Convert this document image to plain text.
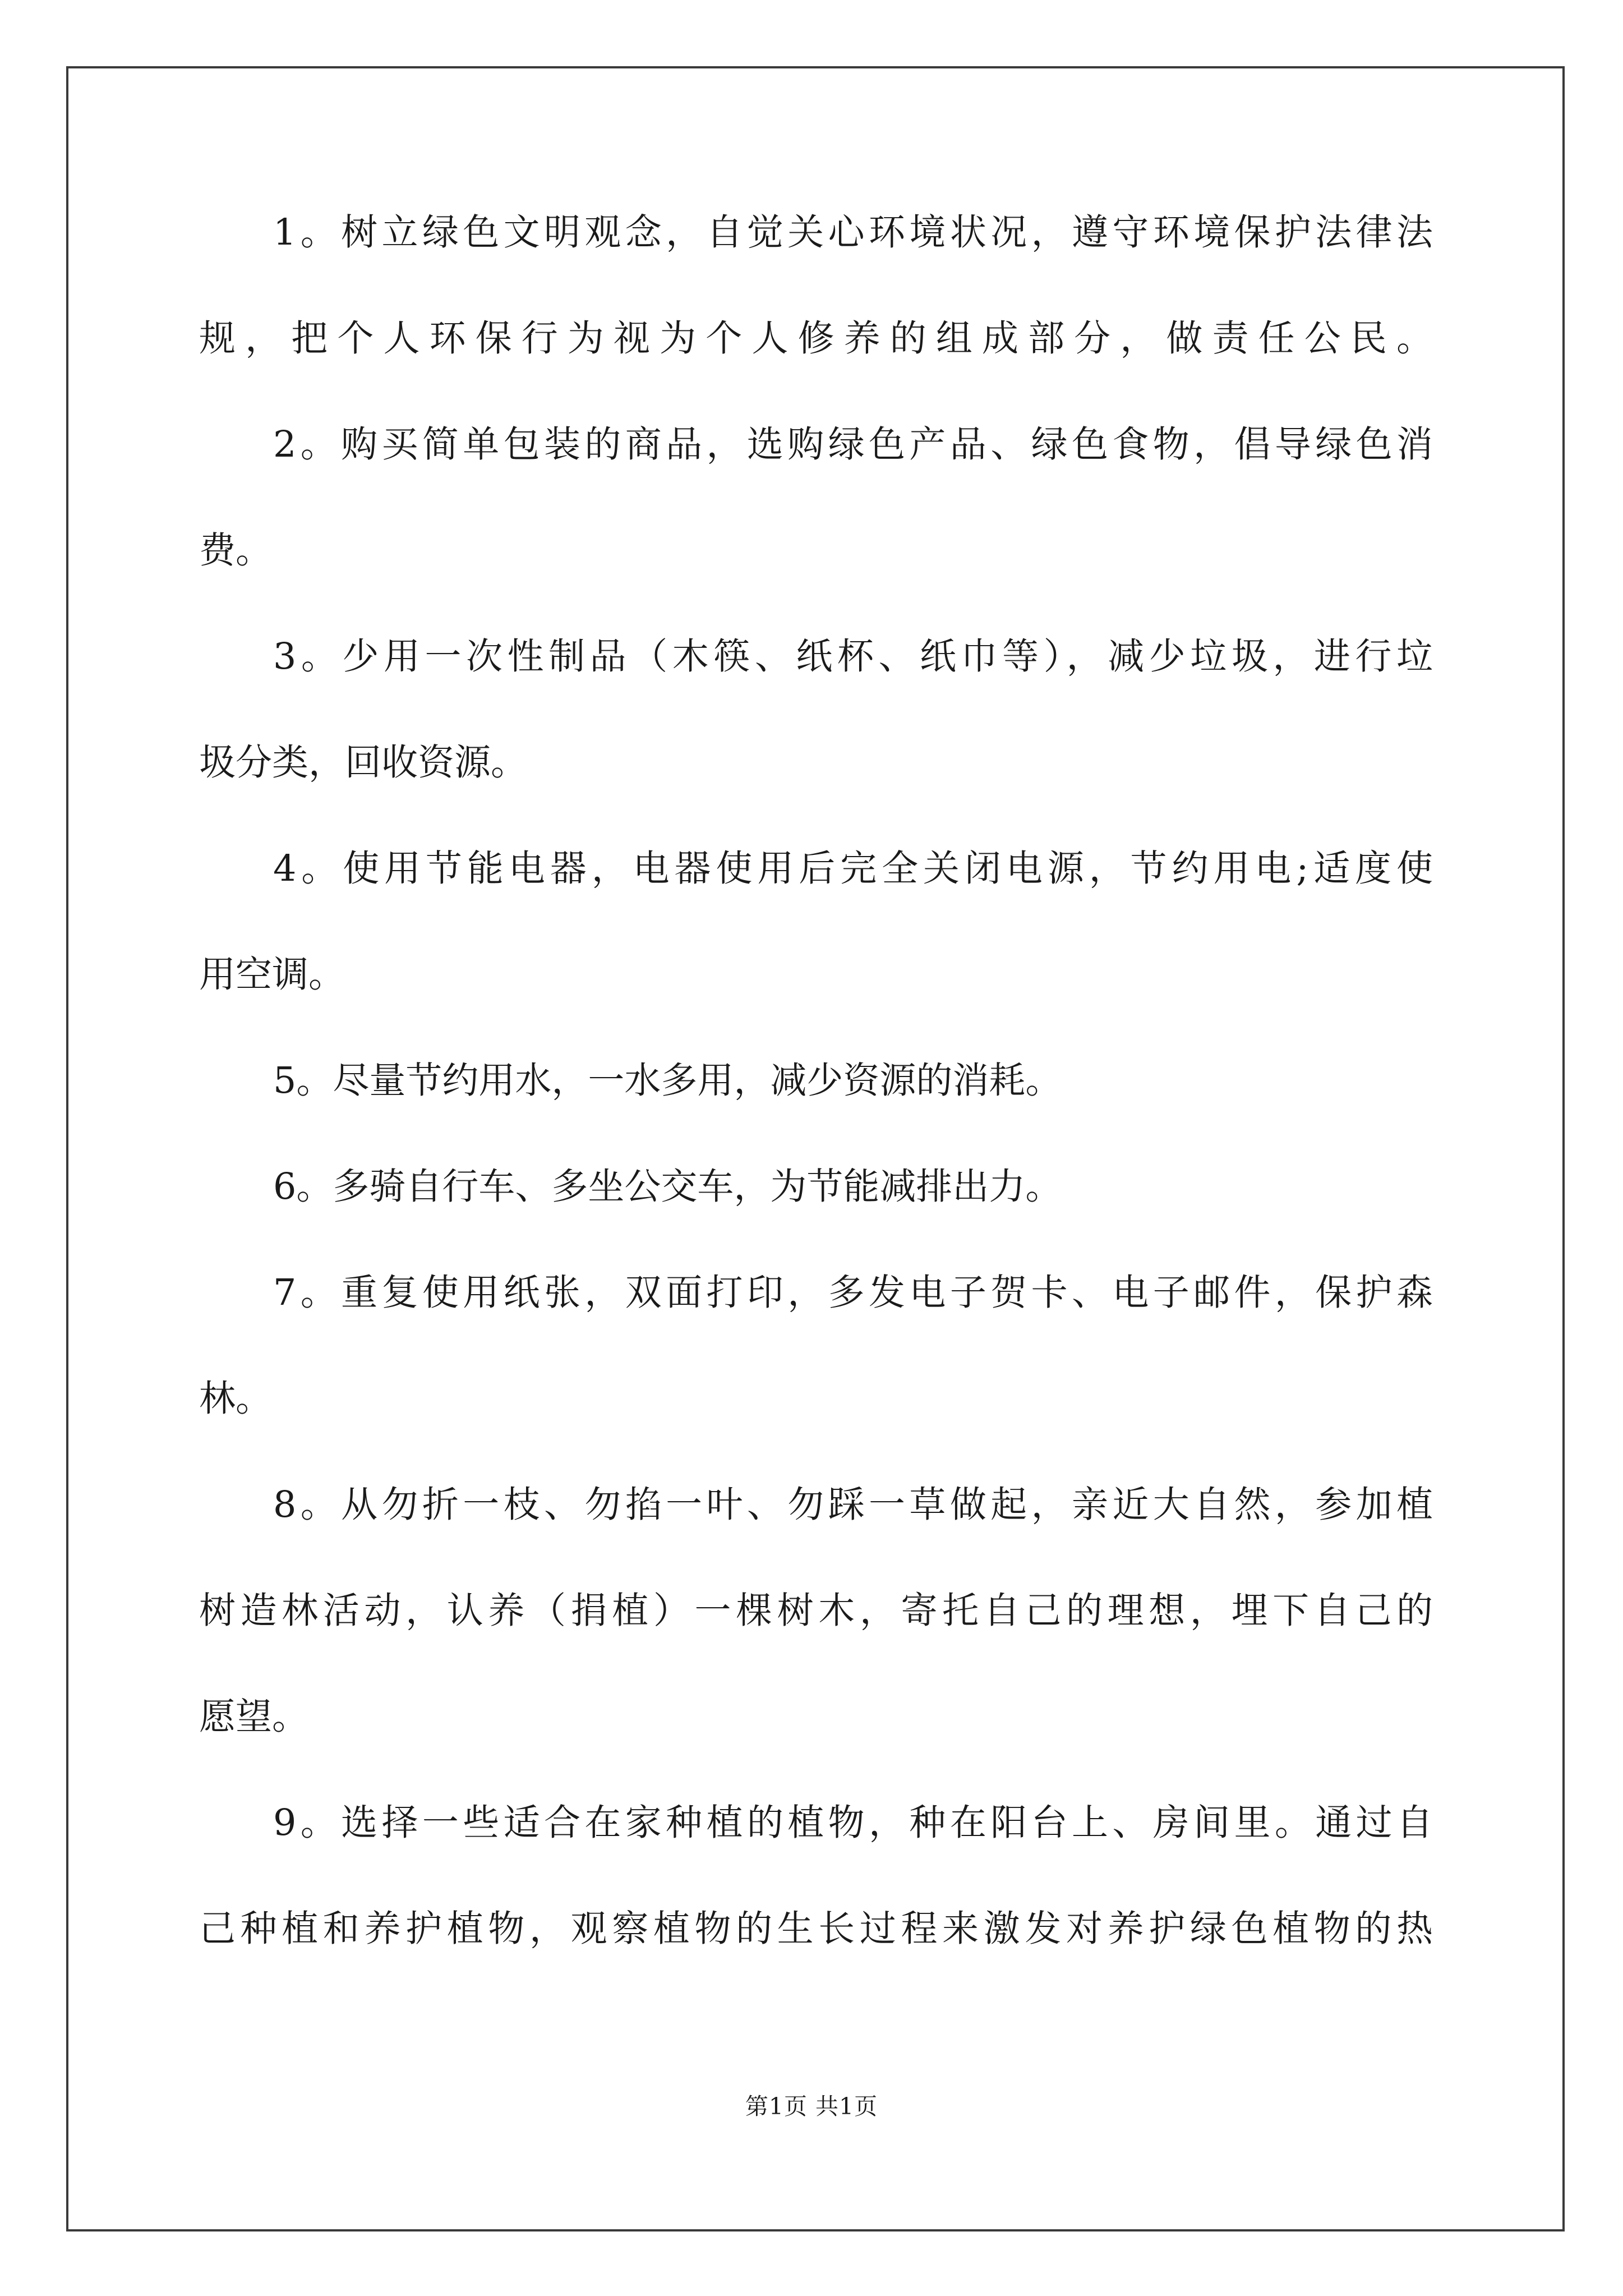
1。树立绿色文明观念，自觉关心环境状况，遵守环境保护法律法
规，把个人环保行为视为个人修养的组成部分，做责任公民。
2。购买简单包装的商品，选购绿色产品、绿色食物，倡导绿色消
费。
3。少用一次性制品（木筷、纸杯、纸巾等），减少垃圾，进行垃
圾分类，回收资源。
4。使用节能电器，电器使用后完全关闭电源，节约用电;适度使
用空调。
5。尽量节约用水，一水多用，减少资源的消耗。
6。多骑自行车、多坐公交车，为节能减排出力。
7。重复使用纸张，双面打印，多发电子贺卡、电子邮件，保护森
林。
8。从勿折一枝、勿掐一叶、勿踩一草做起，亲近大自然，参加植
树造林活动，认养（捐植）一棵树木，寄托自己的理想，埋下自己的
愿望。
9。选择一些适合在家种植的植物，种在阳台上、房间里。通过自
己种植和养护植物，观察植物的生长过程来激发对养护绿色植物的热
第1页 共1页
